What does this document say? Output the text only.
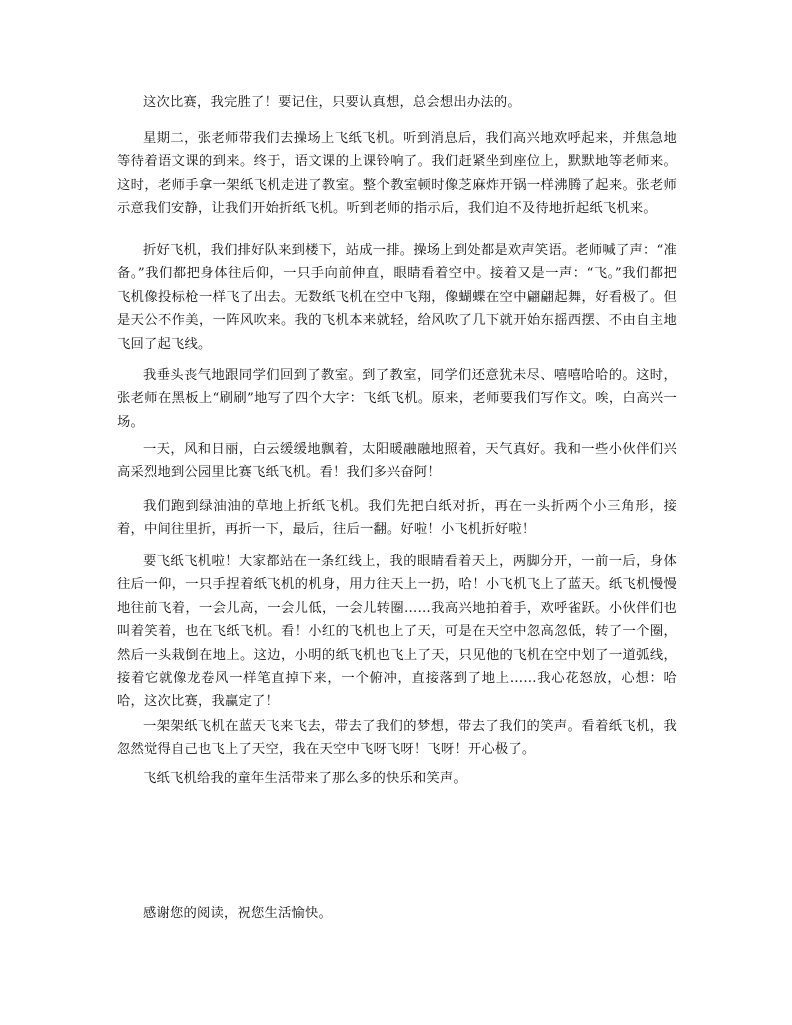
这次比赛，我完胜了！要记住，只要认真想，总会想出办法的。

星期二，张老师带我们去操场上飞纸飞机。听到消息后，我们高兴地欢呼起来，并焦急地等待着语文课的到来。终于，语文课的上课铃响了。我们赶紧坐到座位上，默默地等老师来。这时，老师手拿一架纸飞机走进了教室。整个教室顿时像芝麻炸开锅一样沸腾了起来。张老师示意我们安静，让我们开始折纸飞机。听到老师的指示后，我们迫不及待地折起纸飞机来。

折好飞机，我们排好队来到楼下，站成一排。操场上到处都是欢声笑语。老师喊了声：“准备。”我们都把身体往后仰，一只手向前伸直，眼睛看着空中。接着又是一声：“飞。”我们都把飞机像投标枪一样飞了出去。无数纸飞机在空中飞翔，像蝴蝶在空中翩翩起舞，好看极了。但是天公不作美，一阵风吹来。我的飞机本来就轻，给风吹了几下就开始东摇西摆、不由自主地飞回了起飞线。

我垂头丧气地跟同学们回到了教室。到了教室，同学们还意犹未尽、嘻嘻哈哈的。这时，张老师在黑板上“刷刷”地写了四个大字：飞纸飞机。原来，老师要我们写作文。唉，白高兴一场。

一天，风和日丽，白云缓缓地飘着，太阳暖融融地照着，天气真好。我和一些小伙伴们兴高采烈地到公园里比赛飞纸飞机。看！我们多兴奋阿！

我们跑到绿油油的草地上折纸飞机。我们先把白纸对折，再在一头折两个小三角形，接着，中间往里折，再折一下，最后，往后一翻。好啦！小飞机折好啦！

要飞纸飞机啦！大家都站在一条红线上，我的眼睛看着天上，两脚分开，一前一后，身体往后一仰，一只手捏着纸飞机的机身，用力往天上一扔，哈！小飞机飞上了蓝天。纸飞机慢慢地往前飞着，一会儿高，一会儿低，一会儿转圈……我高兴地拍着手，欢呼雀跃。小伙伴们也叫着笑着，也在飞纸飞机。看！小红的飞机也上了天，可是在天空中忽高忽低，转了一个圈，然后一头栽倒在地上。这边，小明的纸飞机也飞上了天，只见他的飞机在空中划了一道弧线，接着它就像龙卷风一样笔直掉下来，一个俯冲，直接落到了地上……我心花怒放，心想：哈哈，这次比赛，我赢定了！

一架架纸飞机在蓝天飞来飞去，带去了我们的梦想，带去了我们的笑声。看着纸飞机，我忽然觉得自己也飞上了天空，我在天空中飞呀飞呀！飞呀！开心极了。

飞纸飞机给我的童年生活带来了那么多的快乐和笑声。

感谢您的阅读，祝您生活愉快。
